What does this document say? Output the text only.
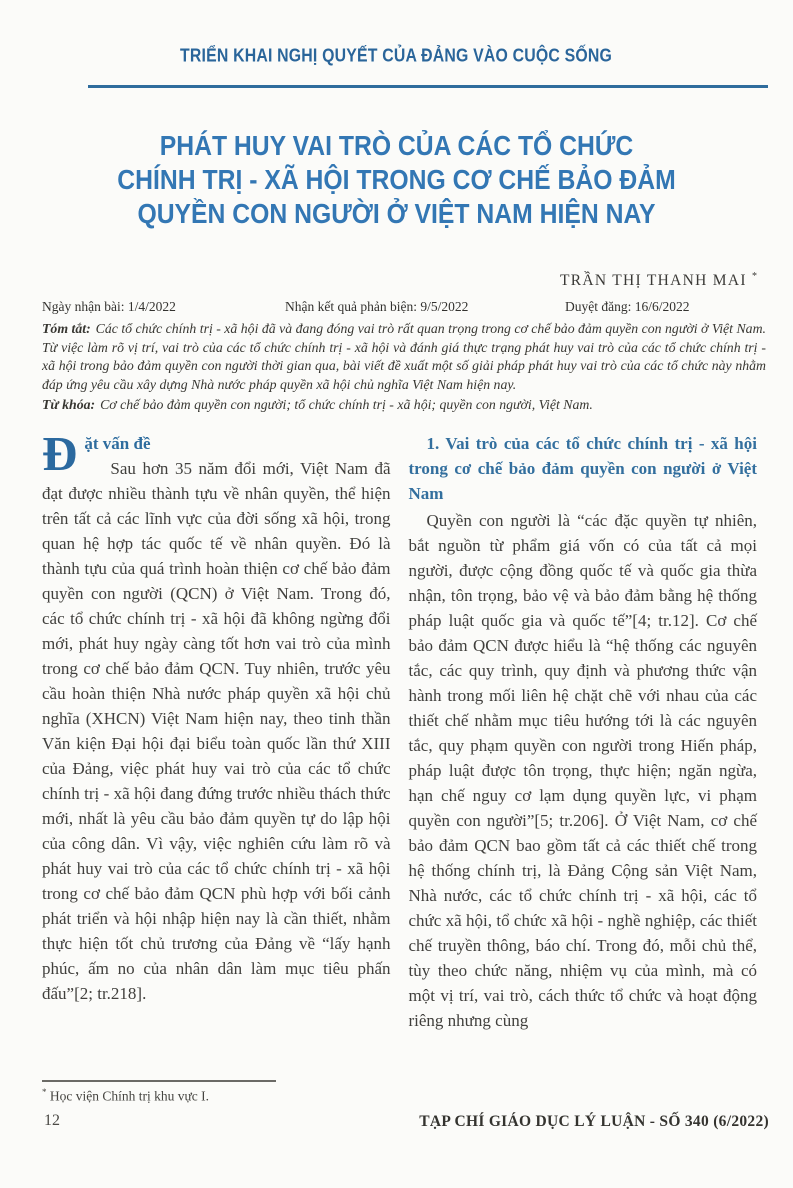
TRIỂN KHAI NGHỊ QUYẾT CỦA ĐẢNG VÀO CUỘC SỐNG
PHÁT HUY VAI TRÒ CỦA CÁC TỔ CHỨC
CHÍNH TRỊ - XÃ HỘI TRONG CƠ CHẾ BẢO ĐẢM
QUYỀN CON NGƯỜI Ở VIỆT NAM HIỆN NAY
TRẦN THỊ THANH MAI *
Ngày nhận bài: 1/4/2022	Nhận kết quả phản biện: 9/5/2022	Duyệt đăng: 16/6/2022
Tóm tắt: Các tổ chức chính trị - xã hội đã và đang đóng vai trò rất quan trọng trong cơ chế bảo đảm quyền con người ở Việt Nam. Từ việc làm rõ vị trí, vai trò của các tổ chức chính trị - xã hội và đánh giá thực trạng phát huy vai trò của các tổ chức chính trị - xã hội trong bảo đảm quyền con người thời gian qua, bài viết đề xuất một số giải pháp phát huy vai trò của các tổ chức này nhằm đáp ứng yêu cầu xây dựng Nhà nước pháp quyền xã hội chủ nghĩa Việt Nam hiện nay.
Từ khóa: Cơ chế bảo đảm quyền con người; tổ chức chính trị - xã hội; quyền con người, Việt Nam.

Đặt vấn đề
Sau hơn 35 năm đổi mới, Việt Nam đã đạt được nhiều thành tựu về nhân quyền, thể hiện trên tất cả các lĩnh vực của đời sống xã hội, trong quan hệ hợp tác quốc tế về nhân quyền. Đó là thành tựu của quá trình hoàn thiện cơ chế bảo đảm quyền con người (QCN) ở Việt Nam. Trong đó, các tổ chức chính trị - xã hội đã không ngừng đổi mới, phát huy ngày càng tốt hơn vai trò của mình trong cơ chế bảo đảm QCN. Tuy nhiên, trước yêu cầu hoàn thiện Nhà nước pháp quyền xã hội chủ nghĩa (XHCN) Việt Nam hiện nay, theo tinh thần Văn kiện Đại hội đại biểu toàn quốc lần thứ XIII của Đảng, việc phát huy vai trò của các tổ chức chính trị - xã hội đang đứng trước nhiều thách thức mới, nhất là yêu cầu bảo đảm quyền tự do lập hội của công dân. Vì vậy, việc nghiên cứu làm rõ và phát huy vai trò của các tổ chức chính trị - xã hội trong cơ chế bảo đảm QCN phù hợp với bối cảnh phát triển và hội nhập hiện nay là cần thiết, nhằm thực hiện tốt chủ trương của Đảng về “lấy hạnh phúc, ấm no của nhân dân làm mục tiêu phấn đấu”[2; tr.218].

1. Vai trò của các tổ chức chính trị - xã hội trong cơ chế bảo đảm quyền con người ở Việt Nam

Quyền con người là “các đặc quyền tự nhiên, bắt nguồn từ phẩm giá vốn có của tất cả mọi người, được cộng đồng quốc tế và quốc gia thừa nhận, tôn trọng, bảo vệ và bảo đảm bằng hệ thống pháp luật quốc gia và quốc tế”[4; tr.12]. Cơ chế bảo đảm QCN được hiểu là “hệ thống các nguyên tắc, các quy trình, quy định và phương thức vận hành trong mối liên hệ chặt chẽ với nhau của các thiết chế nhằm mục tiêu hướng tới là các nguyên tắc, quy phạm quyền con người trong Hiến pháp, pháp luật được tôn trọng, thực hiện; ngăn ngừa, hạn chế nguy cơ lạm dụng quyền lực, vi phạm quyền con người”[5; tr.206]. Ở Việt Nam, cơ chế bảo đảm QCN bao gồm tất cả các thiết chế trong hệ thống chính trị, là Đảng Cộng sản Việt Nam, Nhà nước, các tổ chức chính trị - xã hội, các tổ chức xã hội, tổ chức xã hội - nghề nghiệp, các thiết chế truyền thông, báo chí. Trong đó, mỗi chủ thể, tùy theo chức năng, nhiệm vụ của mình, mà có một vị trí, vai trò, cách thức tổ chức và hoạt động riêng nhưng cùng

* Học viện Chính trị khu vực I.
12	TẠP CHÍ GIÁO DỤC LÝ LUẬN - SỐ 340 (6/2022)
